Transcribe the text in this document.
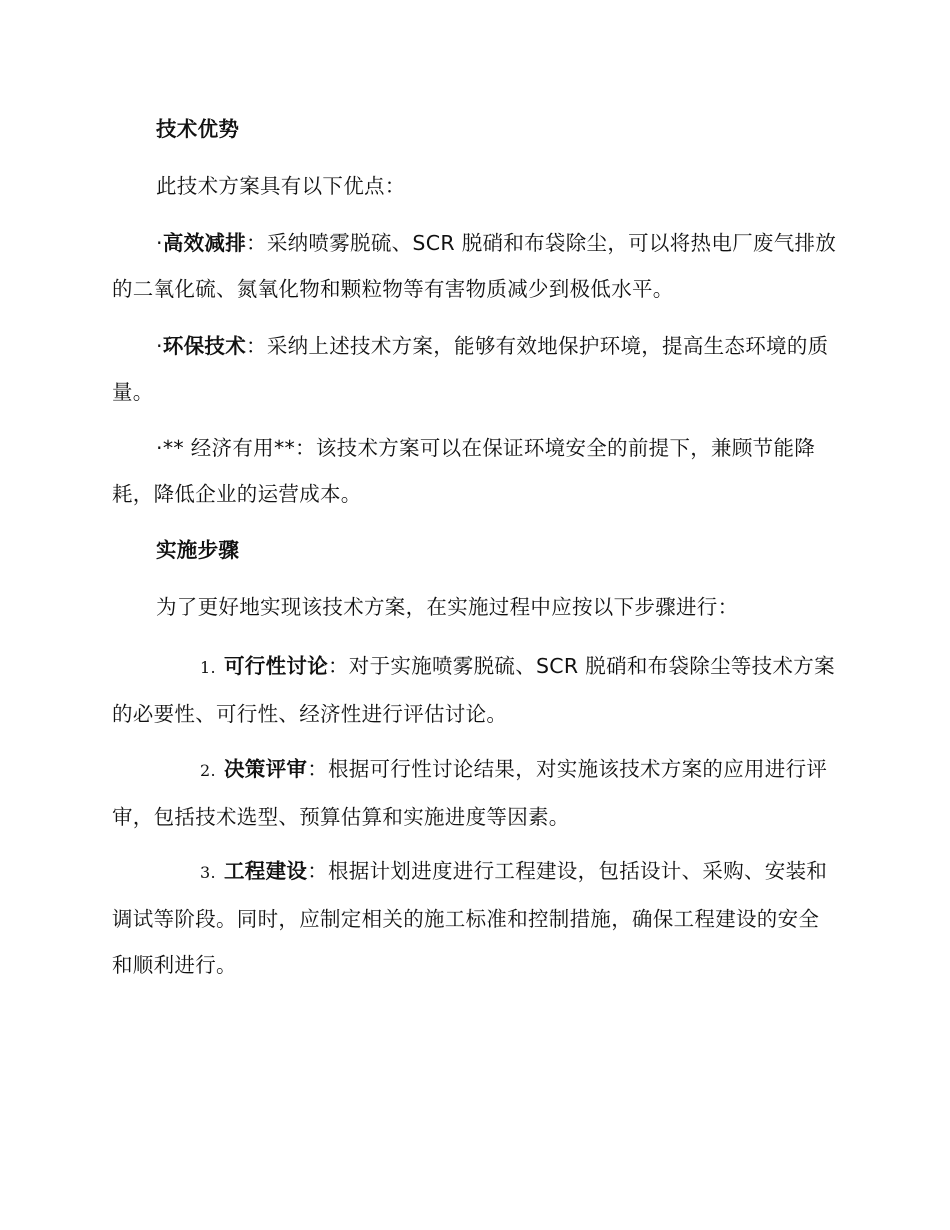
技术优势

此技术方案具有以下优点：

·高效减排：采纳喷雾脱硫、SCR 脱硝和布袋除尘，可以将热电厂废气排放的二氧化硫、氮氧化物和颗粒物等有害物质减少到极低水平。

·环保技术：采纳上述技术方案，能够有效地保护环境，提高生态环境的质量。

·** 经济有用**：该技术方案可以在保证环境安全的前提下，兼顾节能降耗，降低企业的运营成本。

实施步骤

为了更好地实现该技术方案，在实施过程中应按以下步骤进行：

1. 可行性讨论：对于实施喷雾脱硫、SCR 脱硝和布袋除尘等技术方案的必要性、可行性、经济性进行评估讨论。

2. 决策评审：根据可行性讨论结果，对实施该技术方案的应用进行评审，包括技术选型、预算估算和实施进度等因素。

3. 工程建设：根据计划进度进行工程建设，包括设计、采购、安装和调试等阶段。同时，应制定相关的施工标准和控制措施，确保工程建设的安全和顺利进行。
